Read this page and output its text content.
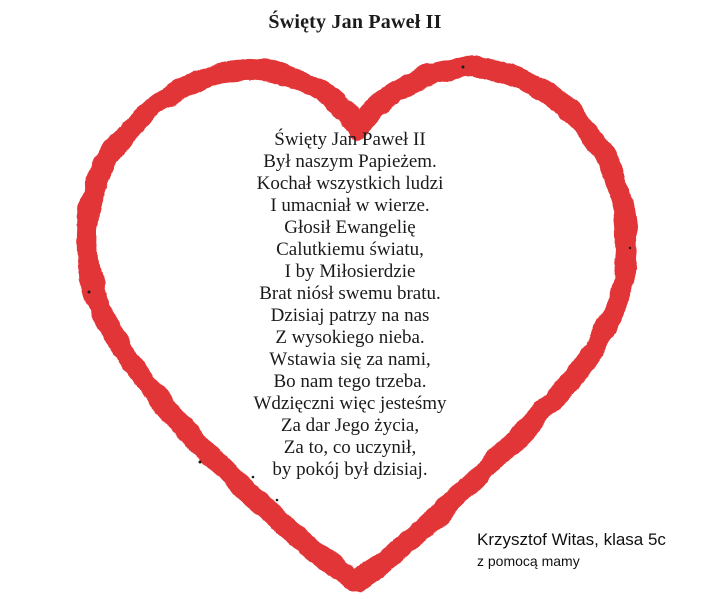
Święty Jan Paweł II
Święty Jan Paweł II
Był naszym Papieżem.
Kochał wszystkich ludzi
I umacniał w wierze.
Głosił Ewangelię
Calutkiemu światu,
I by Miłosierdzie
Brat niósł swemu bratu.
Dzisiaj patrzy na nas
Z wysokiego nieba.
Wstawia się za nami,
Bo nam tego trzeba.
Wdzięczni więc jesteśmy
Za dar Jego życia,
Za to, co uczynił,
by pokój był dzisiaj.
Krzysztof Witas, klasa 5c
z pomocą mamy
